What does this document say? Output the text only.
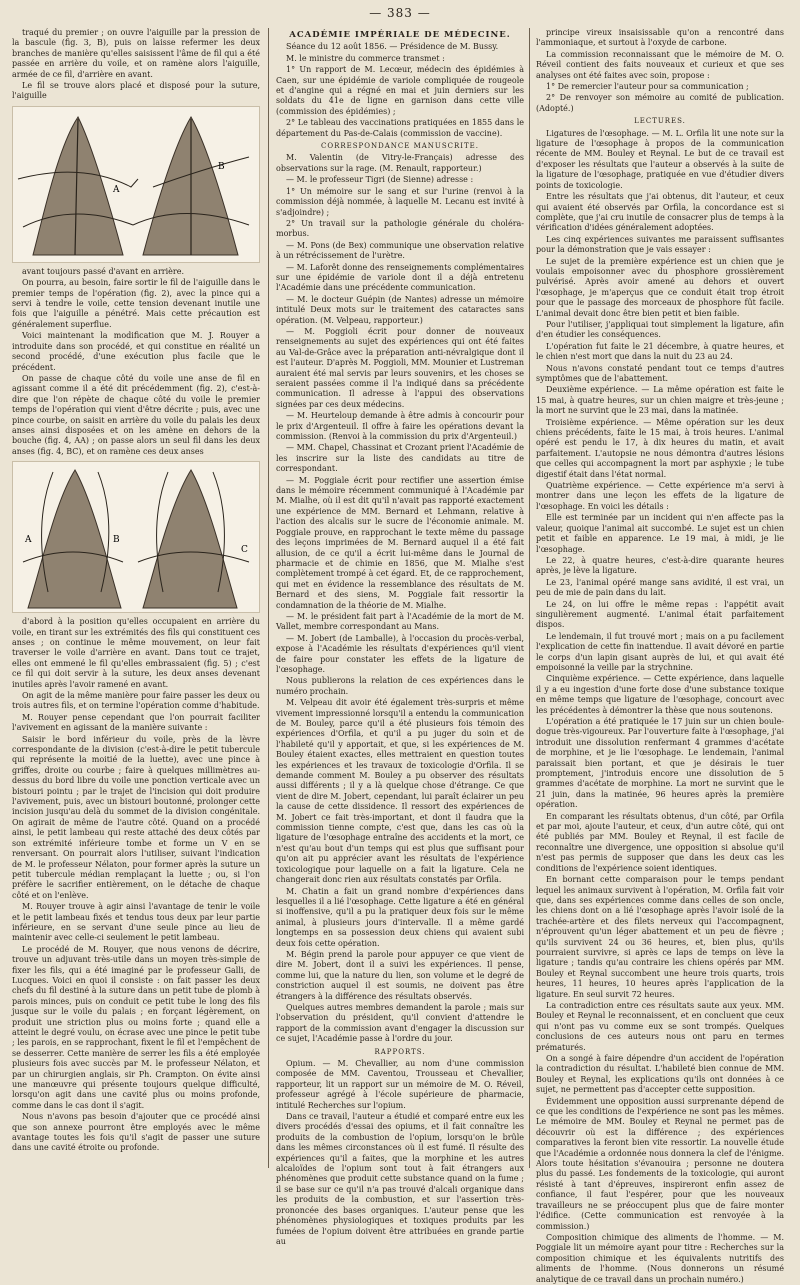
— 383 —

traqué du premier ; on ouvre l'aiguille par la pression de la bascule (fig. 3, B), puis on laisse refermer les deux branches de manière qu'elles saisissent l'âme de fil qui a été passée en arrière du voile, et on ramène alors l'aiguille, armée de ce fil, d'arrière en avant.

Le fil se trouve alors placé et disposé pour la suture, l'aiguille

A
B

avant toujours passé d'avant en arrière.

On pourra, au besoin, faire sortir le fil de l'aiguille dans le premier temps de l'opération (fig. 2), avec la pince qui a servi à tendre le voile, cette tension devenant inutile une fois que l'aiguille a pénétré. Mais cette précaution est généralement superflue.

Voici maintenant la modification que M. J. Rouyer a introduite dans son procédé, et qui constitue en réalité un second procédé, d'une exécution plus facile que le précédent.

On passe de chaque côté du voile une anse de fil en agissant comme il a été dit précédemment (fig. 2), c'est-à-dire que l'on répète de chaque côté du voile le premier temps de l'opération qui vient d'être décrite ; puis, avec une pince courbe, on saisit en arrière du voile du palais les deux anses ainsi disposées et on les amène en dehors de la bouche (fig. 4, AA) ; on passe alors un seul fil dans les deux anses (fig. 4, BC), et on ramène ces deux anses

A	B
C

d'abord à la position qu'elles occupaient en arrière du voile, en tirant sur les extrémités des fils qui constituent ces anses ; on continue le même mouvement, on leur fait traverser le voile d'arrière en avant. Dans tout ce trajet, elles ont emmené le fil qu'elles embrassaient (fig. 5) ; c'est ce fil qui doit servir à la suture, les deux anses devenant inutiles après l'avoir ramené en avant.

On agit de la même manière pour faire passer les deux ou trois autres fils, et on termine l'opération comme d'habitude.

M. Rouyer pense cependant que l'on pourrait faciliter l'avivement en agissant de la manière suivante :

Saisir le bord inférieur du voile, près de la lèvre correspondante de la division (c'est-à-dire le petit tubercule qui représente la moitié de la luette), avec une pince à griffes, droite ou courbe ; faire à quelques millimètres au-dessus du bord libre du voile une ponction verticale avec un bistouri pointu ; par le trajet de l'incision qui doit produire l'avivement, puis, avec un bistouri boutonné, prolonger cette incision jusqu'au delà du sommet de la division congénitale. On agirait de même de l'autre côté. Quand on a procédé ainsi, le petit lambeau qui reste attaché des deux côtés par son extrémité inférieure tombe et forme un V en se renversant. On pourrait alors l'utiliser, suivant l'indication de M. le professeur Nélaton, pour former après la suture un petit tubercule médian remplaçant la luette ; ou, si l'on préfère le sacrifier entièrement, on le détache de chaque côté et on l'enlève.

M. Rouyer trouve à agir ainsi l'avantage de tenir le voile et le petit lambeau fixés et tendus tous deux par leur partie inférieure, en se servant d'une seule pince au lieu de maintenir avec celle-ci seulement le petit lambeau.

Le procédé de M. Rouyer, que nous venons de décrire, trouve un adjuvant très-utile dans un moyen très-simple de fixer les fils, qui a été imaginé par le professeur Galli, de Lucques. Voici en quoi il consiste : on fait passer les deux chefs du fil destiné à la suture dans un petit tube de plomb à parois minces, puis on conduit ce petit tube le long des fils jusque sur le voile du palais ; en forçant légèrement, on produit une striction plus ou moins forte ; quand elle a atteint le degré voulu, on écrase avec une pince le petit tube ; les parois, en se rapprochant, fixent le fil et l'empêchent de se desserrer. Cette manière de serrer les fils a été employée plusieurs fois avec succès par M. le professeur Nélaton, et par un chirurgien anglais, sir Ph. Crampton. On évite ainsi une manœuvre qui présente toujours quelque difficulté, lorsqu'on agit dans une cavité plus ou moins profonde, comme dans le cas dont il s'agit.

Nous n'avons pas besoin d'ajouter que ce procédé ainsi que son annexe pourront être employés avec le même avantage toutes les fois qu'il s'agit de passer une suture dans une cavité étroite ou profonde.

ACADÉMIE IMPÉRIALE DE MÉDECINE.

Séance du 12 août 1856. — Présidence de M. Bussy.

M. le ministre du commerce transmet :

1° Un rapport de M. Lecœur, médecin des épidémies à Caen, sur une épidémie de variole compliquée de rougeole et d'angine qui a régné en mai et juin derniers sur les soldats du 41e de ligne en garnison dans cette ville (commission des épidémies) ;

2° Le tableau des vaccinations pratiquées en 1855 dans le département du Pas-de-Calais (commission de vaccine).

CORRESPONDANCE MANUSCRITE.

M. Valentin (de Vitry-le-Français) adresse des observations sur la rage. (M. Renault, rapporteur.)

— M. le professeur Tigri (de Sienne) adresse :

1° Un mémoire sur le sang et sur l'urine (renvoi à la commission déjà nommée, à laquelle M. Lecanu est invité à s'adjoindre) ;

2° Un travail sur la pathologie générale du choléra-morbus.

— M. Pons (de Bex) communique une observation relative à un rétrécissement de l'urètre.

— M. Laforêt donne des renseignements complémentaires sur une épidémie de variole dont il a déjà entretenu l'Académie dans une précédente communication.

— M. le docteur Guépin (de Nantes) adresse un mémoire intitulé Deux mots sur le traitement des cataractes sans opération. (M. Velpeau, rapporteur.)

— M. Poggioli écrit pour donner de nouveaux renseignements au sujet des expériences qui ont été faites au Val-de-Grâce avec la préparation anti-névralgique dont il est l'auteur. D'après M. Poggioli, MM. Mounier et Lustreman auraient été mal servis par leurs souvenirs, et les choses se seraient passées comme il l'a indiqué dans sa précédente communication. Il adresse à l'appui des observations signées par ces deux médecins.

— M. Heurteloup demande à être admis à concourir pour le prix d'Argenteuil. Il offre à faire les opérations devant la commission. (Renvoi à la commission du prix d'Argenteuil.)

— MM. Chapel, Chassinat et Crozant prient l'Académie de les inscrire sur la liste des candidats au titre de correspondant.

— M. Poggiale écrit pour rectifier une assertion émise dans le mémoire récemment communiqué à l'Académie par M. Mialhe, où il est dit qu'il n'avait pas rapporté exactement une expérience de MM. Bernard et Lehmann, relative à l'action des alcalis sur le sucre de l'économie animale. M. Poggiale prouve, en rapprochant le texte même du passage des leçons imprimées de M. Bernard auquel il a été fait allusion, de ce qu'il a écrit lui-même dans le Journal de pharmacie et de chimie en 1856, que M. Mialhe s'est complètement trompé à cet égard. Et, de ce rapprochement, qui met en évidence la ressemblance des résultats de M. Bernard et des siens, M. Poggiale fait ressortir la condamnation de la théorie de M. Mialhe.

— M. le président fait part à l'Académie de la mort de M. Vallet, membre correspondant au Mans.

— M. Jobert (de Lamballe), à l'occasion du procès-verbal, expose à l'Académie les résultats d'expériences qu'il vient de faire pour constater les effets de la ligature de l'œsophage.

Nous publierons la relation de ces expériences dans le numéro prochain.

M. Velpeau dit avoir été également très-surpris et même vivement impressionné lorsqu'il a entendu la communication de M. Bouley, parce qu'il a été plusieurs fois témoin des expériences d'Orfila, et qu'il a pu juger du soin et de l'habileté qu'il y apportait, et que, si les expériences de M. Bouley étaient exactes, elles mettraient en question toutes les expériences et les travaux de toxicologie d'Orfila. Il se demande comment M. Bouley a pu observer des résultats aussi différents ; il y a là quelque chose d'étrange. Ce que vient de dire M. Jobert, cependant, lui paraît éclairer un peu la cause de cette dissidence. Il ressort des expériences de M. Jobert ce fait très-important, et dont il faudra que la commission tienne compte, c'est que, dans les cas où la ligature de l'œsophage entraîne des accidents et la mort, ce n'est qu'au bout d'un temps qui est plus que suffisant pour qu'on ait pu apprécier avant les résultats de l'expérience toxicologique pour laquelle on a fait la ligature. Cela ne changerait donc rien aux résultats constatés par Orfila.

M. Chatin a fait un grand nombre d'expériences dans lesquelles il a lié l'œsophage. Cette ligature a été en général si inoffensive, qu'il a pu la pratiquer deux fois sur le même animal, à plusieurs jours d'intervalle. Il a même gardé longtemps en sa possession deux chiens qui avaient subi deux fois cette opération.

M. Bégin prend la parole pour appuyer ce que vient de dire M. Jobert, dont il a suivi les expériences. Il pense, comme lui, que la nature du lien, son volume et le degré de constriction auquel il est soumis, ne doivent pas être étrangers à la différence des résultats observés.

Quelques autres membres demandent la parole ; mais sur l'observation du président, qu'il convient d'attendre le rapport de la commission avant d'engager la discussion sur ce sujet, l'Académie passe à l'ordre du jour.

RAPPORTS.

Opium. — M. Chevallier, au nom d'une commission composée de MM. Caventou, Trousseau et Chevallier, rapporteur, lit un rapport sur un mémoire de M. O. Réveil, professeur agrégé à l'école supérieure de pharmacie, intitulé Recherches sur l'opium.

Dans ce travail, l'auteur a étudié et comparé entre eux les divers procédés d'essai des opiums, et il fait connaître les produits de la combustion de l'opium, lorsqu'on le brûle dans les mêmes circonstances où il est fumé. Il résulte des expériences qu'il a faites, que la morphine et les autres alcaloïdes de l'opium sont tout à fait étrangers aux phénomènes que produit cette substance quand on la fume ; il se base sur ce qu'il n'a pas trouvé d'alcali organique dans les produits de la combustion, et sur l'assertion très-prononcée des bases organiques. L'auteur pense que les phénomènes physiologiques et toxiques produits par les fumées de l'opium doivent être attribuées en grande partie au

principe vireux insaisissable qu'on a rencontré dans l'ammoniaque, et surtout à l'oxyde de carbone.

La commission reconnaissant que le mémoire de M. O. Réveil contient des faits nouveaux et curieux et que ses analyses ont été faites avec soin, propose :

1° De remercier l'auteur pour sa communication ;

2° De renvoyer son mémoire au comité de publication. (Adopté.)

LECTURES.

Ligatures de l'œsophage. — M. L. Orfila lit une note sur la ligature de l'œsophage à propos de la communication récente de MM. Bouley et Reynal. Le but de ce travail est d'exposer les résultats que l'auteur a observés à la suite de la ligature de l'œsophage, pratiquée en vue d'étudier divers points de toxicologie.

Entre les résultats que j'ai obtenus, dit l'auteur, et ceux qui avaient été observés par Orfila, la concordance est si complète, que j'ai cru inutile de consacrer plus de temps à la vérification d'idées généralement adoptées.

Les cinq expériences suivantes me paraissent suffisantes pour la démonstration que je vais essayer :

Le sujet de la première expérience est un chien que je voulais empoisonner avec du phosphore grossièrement pulvérisé. Après avoir amené au dehors et ouvert l'œsophage, je m'aperçus que ce conduit était trop étroit pour que le passage des morceaux de phosphore fût facile. L'animal devait donc être bien petit et bien faible.

Pour l'utiliser, j'appliquai tout simplement la ligature, afin d'en étudier les conséquences.

L'opération fut faite le 21 décembre, à quatre heures, et le chien n'est mort que dans la nuit du 23 au 24.

Nous n'avons constaté pendant tout ce temps d'autres symptômes que de l'abattement.

Deuxième expérience. — La même opération est faite le 15 mai, à quatre heures, sur un chien maigre et très-jeune ; la mort ne survint que le 23 mai, dans la matinée.

Troisième expérience. — Même opération sur les deux chiens précédents, faite le 15 mai, à trois heures. L'animal opéré est pendu le 17, à dix heures du matin, et avait parfaitement. L'autopsie ne nous démontra d'autres lésions que celles qui accompagnent la mort par asphyxie ; le tube digestif était dans l'état normal.

Quatrième expérience. — Cette expérience m'a servi à montrer dans une leçon les effets de la ligature de l'œsophage. En voici les détails :

Elle est terminée par un incident qui n'en affecte pas la valeur, quoique l'animal ait succombé. Le sujet est un chien petit et faible en apparence. Le 19 mai, à midi, je lie l'œsophage.

Le 22, à quatre heures, c'est-à-dire quarante heures après, je lève la ligature.

Le 23, l'animal opéré mange sans avidité, il est vrai, un peu de mie de pain dans du lait.

Le 24, on lui offre le même repas : l'appétit avait singulièrement augmenté. L'animal était parfaitement dispos.

Le lendemain, il fut trouvé mort ; mais on a pu facilement l'explication de cette fin inattendue. Il avait dévoré en partie le corps d'un lapin gisant auprès de lui, et qui avait été empoisonné la veille par la strychnine.

Cinquième expérience. — Cette expérience, dans laquelle il y a eu ingestion d'une forte dose d'une substance toxique en même temps que ligature de l'œsophage, concourt avec les précédentes à démontrer la thèse que nous soutenons.

L'opération a été pratiquée le 17 juin sur un chien boule-dogue très-vigoureux. Par l'ouverture faite à l'œsophage, j'ai introduit une dissolution renfermant 4 grammes d'acétate de morphine, et je lie l'œsophage. Le lendemain, l'animal paraissait bien portant, et que je désirais le tuer promptement, j'introduis encore une dissolution de 5 grammes d'acétate de morphine. La mort ne survint que le 21 juin, dans la matinée, 96 heures après la première opération.

En comparant les résultats obtenus, d'un côté, par Orfila et par moi, ajoute l'auteur, et ceux, d'un autre côté, qui ont été publiés par MM. Bouley et Reynal, il est facile de reconnaître une divergence, une opposition si absolue qu'il n'est pas permis de supposer que dans les deux cas les conditions de l'expérience soient identiques.

En bornant cette comparaison pour le temps pendant lequel les animaux survivent à l'opération, M. Orfila fait voir que, dans ses expériences comme dans celles de son oncle, les chiens dont on a lié l'œsophage après l'avoir isolé de la trachée-artère et des filets nerveux qui l'accompagnent, n'éprouvent qu'un léger abattement et un peu de fièvre ; qu'ils survivent 24 ou 36 heures, et, bien plus, qu'ils pourraient survivre, si après ce laps de temps on lève la ligature ; tandis qu'au contraire les chiens opérés par MM. Bouley et Reynal succombent une heure trois quarts, trois heures, 11 heures, 10 heures après l'application de la ligature. En seul survit 72 heures.

La contradiction entre ces résultats saute aux yeux. MM. Bouley et Reynal le reconnaissent, et en concluent que ceux qui n'ont pas vu comme eux se sont trompés. Quelques conclusions de ces auteurs nous ont paru en termes prématurés.

On a songé à faire dépendre d'un accident de l'opération la contradiction du résultat. L'habileté bien connue de MM. Bouley et Reynal, les explications qu'ils ont données à ce sujet, ne permettent pas d'accepter cette supposition.

Évidemment une opposition aussi surprenante dépend de ce que les conditions de l'expérience ne sont pas les mêmes. Le mémoire de MM. Bouley et Reynal ne permet pas de découvrir où est la différence ; des expériences comparatives la feront bien vite ressortir. La nouvelle étude que l'Académie a ordonnée nous donnera la clef de l'énigme. Alors toute hésitation s'évanouira ; personne ne doutera plus du passé. Les fondements de la toxicologie, qui auront résisté à tant d'épreuves, inspireront enfin assez de confiance, il faut l'espérer, pour que les nouveaux travailleurs ne se préoccupent plus que de faire monter l'édifice. (Cette communication est renvoyée à la commission.)

Composition chimique des aliments de l'homme. — M. Poggiale lit un mémoire ayant pour titre : Recherches sur la composition chimique et les équivalents nutritifs des aliments de l'homme. (Nous donnerons un résumé analytique de ce travail dans un prochain numéro.)
